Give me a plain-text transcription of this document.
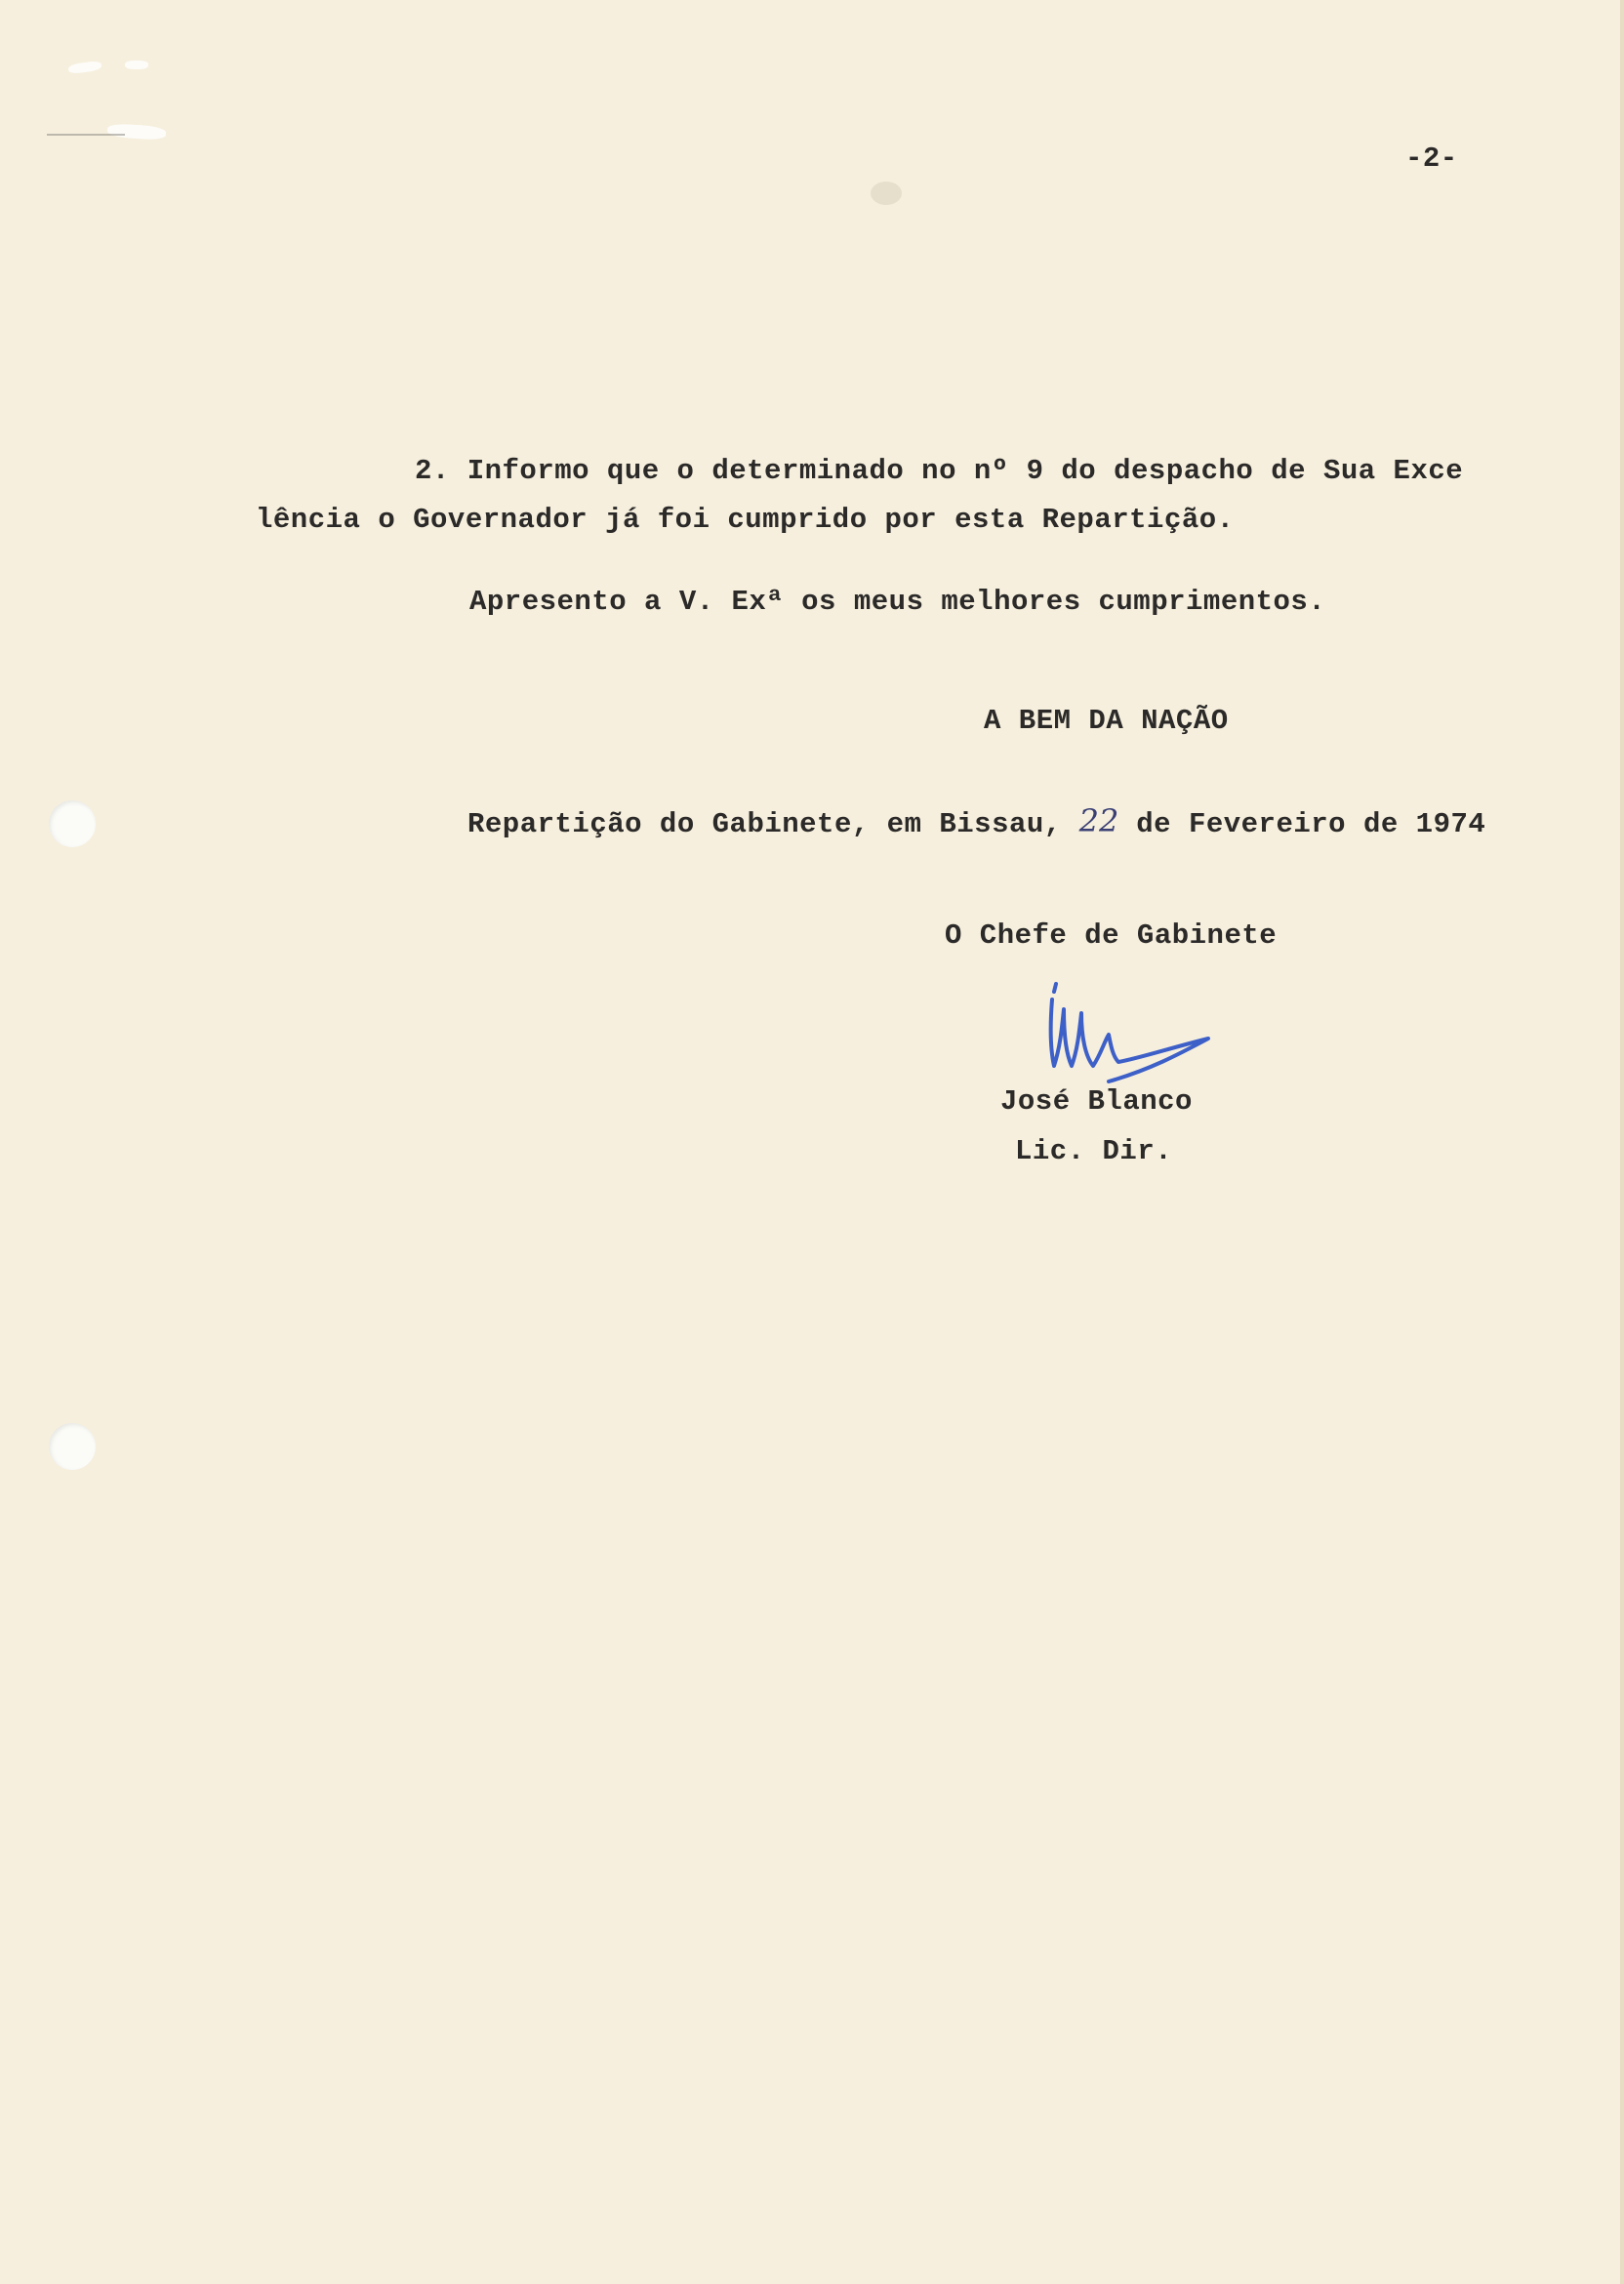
-2-
2. Informo que o determinado no nº 9 do despacho de Sua Exce
lência o Governador já foi cumprido por esta Repartição.
Apresento a V. Exª os meus melhores cumprimentos.
A BEM DA NAÇÃO
Repartição do Gabinete, em Bissau, 22 de Fevereiro de 1974
O Chefe de Gabinete
José Blanco
Lic. Dir.
